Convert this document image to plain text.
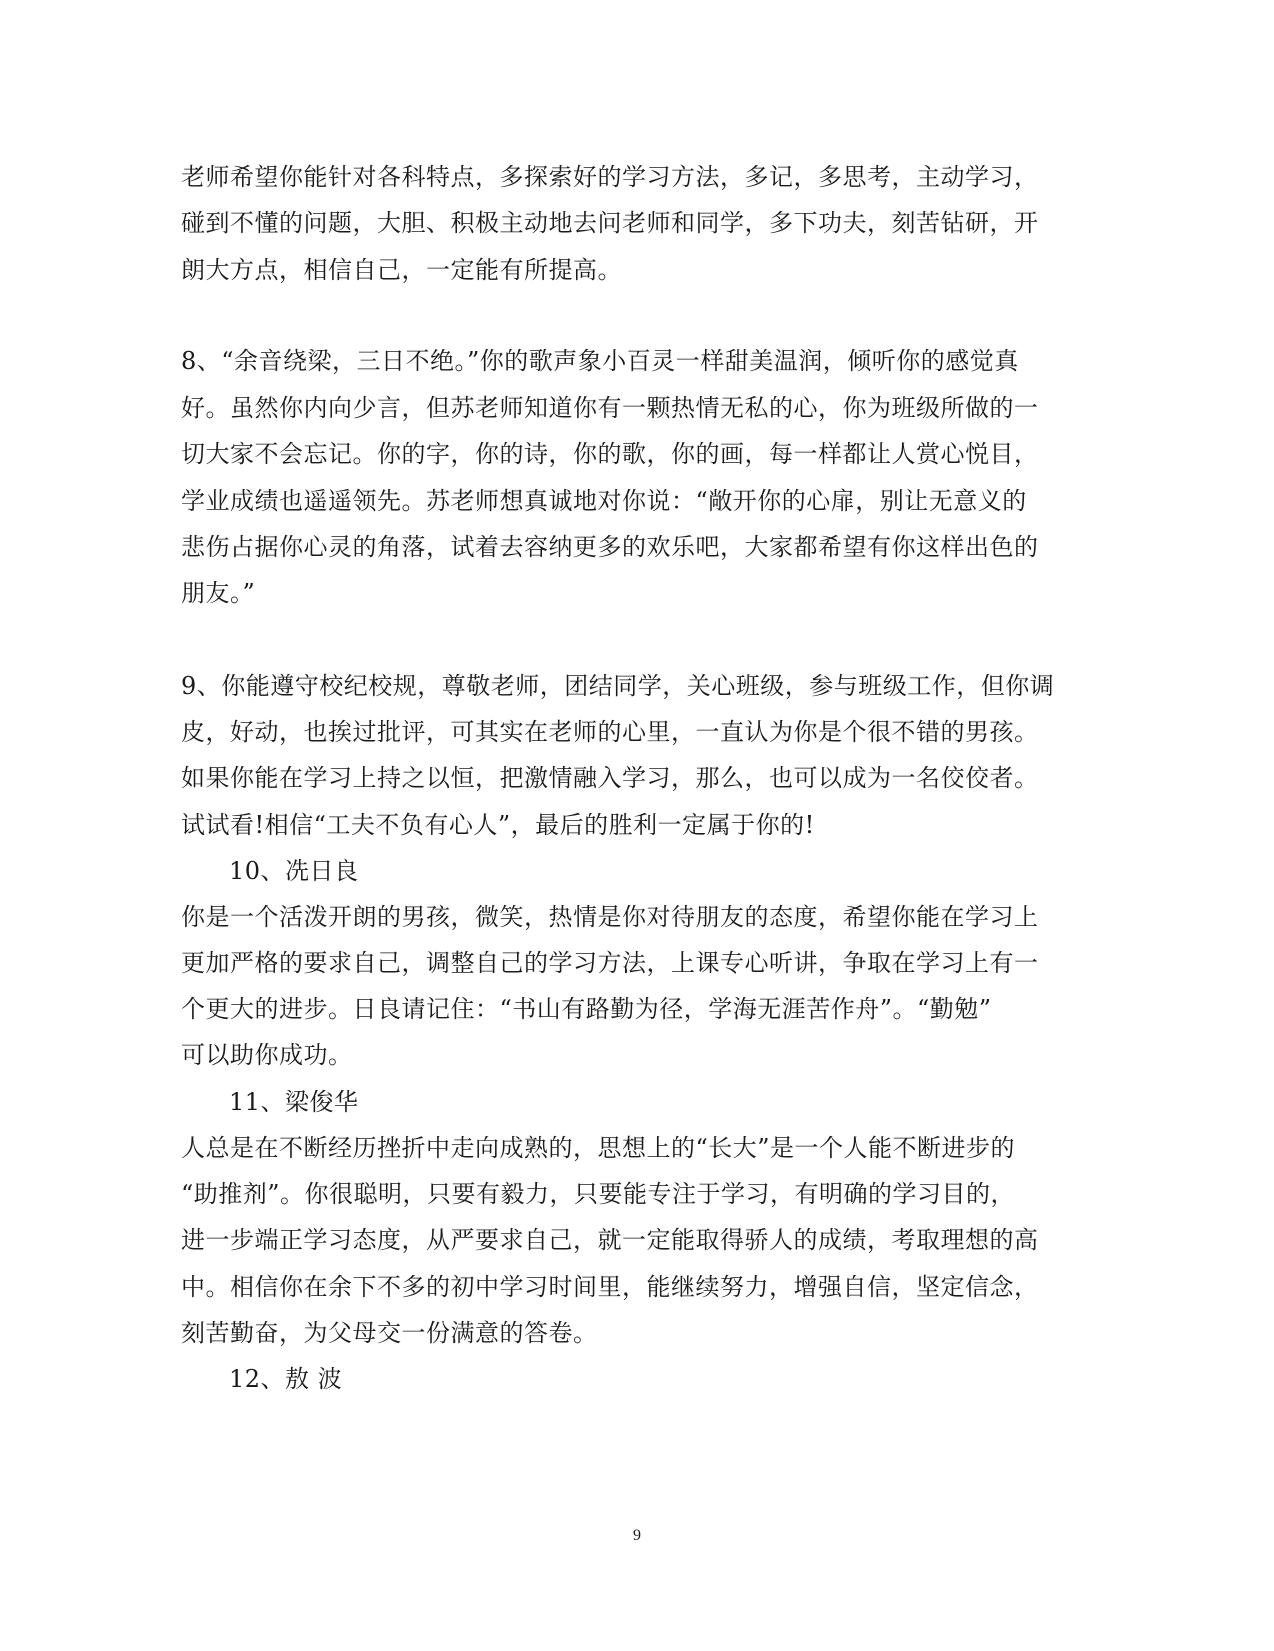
老师希望你能针对各科特点，多探索好的学习方法，多记，多思考，主动学习，
碰到不懂的问题，大胆、积极主动地去问老师和同学，多下功夫，刻苦钻研，开
朗大方点，相信自己，一定能有所提高。
8、“余音绕梁，三日不绝。”你的歌声象小百灵一样甜美温润，倾听你的感觉真
好。虽然你内向少言，但苏老师知道你有一颗热情无私的心，你为班级所做的一
切大家不会忘记。你的字，你的诗，你的歌，你的画，每一样都让人赏心悦目，
学业成绩也遥遥领先。苏老师想真诚地对你说：“敞开你的心扉，别让无意义的
悲伤占据你心灵的角落，试着去容纳更多的欢乐吧，大家都希望有你这样出色的
朋友。”
9、你能遵守校纪校规，尊敬老师，团结同学，关心班级，参与班级工作，但你调
皮，好动，也挨过批评，可其实在老师的心里，一直认为你是个很不错的男孩。
如果你能在学习上持之以恒，把激情融入学习，那么，也可以成为一名佼佼者。
试试看!相信“工夫不负有心人”，最后的胜利一定属于你的!
10、冼日良
你是一个活泼开朗的男孩，微笑，热情是你对待朋友的态度，希望你能在学习上
更加严格的要求自己，调整自己的学习方法，上课专心听讲，争取在学习上有一
个更大的进步。日良请记住：“书山有路勤为径，学海无涯苦作舟”。“勤勉”
可以助你成功。
11、梁俊华
人总是在不断经历挫折中走向成熟的，思想上的“长大”是一个人能不断进步的
“助推剂”。你很聪明，只要有毅力，只要能专注于学习，有明确的学习目的，
进一步端正学习态度，从严要求自己，就一定能取得骄人的成绩，考取理想的高
中。相信你在余下不多的初中学习时间里，能继续努力，增强自信，坚定信念，
刻苦勤奋，为父母交一份满意的答卷。
12、敖 波
9
